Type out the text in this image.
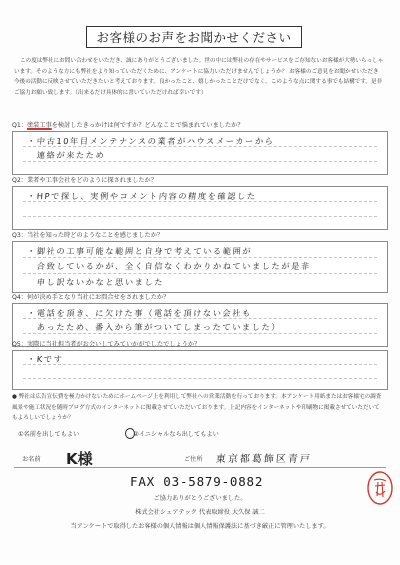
お客様のお声をお聞かせください
この度は弊社にお問い合わせをいただき、誠にありがとうございました。世の中には弊社の存在やサービスをご存知ないお客様が大勢いらっしゃいます。そのような方にも弊社をより知っていただくために、アンケートに協力いただけませんでしょうか？ お客様のご意見をお聞かせいただき今後の活動に反映させていただきたいと考えております。良かったこと、嬉しかったことだけでなく、このような点に関する事でも結構です。是非ご協力お願い致します。（出来るだけ具体的に書いていただければ幸いです）
Q1：塗装工事を検討したきっかけは何ですか？どんなことで悩まれていましたか？
・中古10年目メンテナンスの業者がハウスメーカーから
　連絡が来たため
Q2：業者や工事会社をどのように探されましたか？
・HPで探し、実例やコメント内容の精度を確認した
Q3：当社を知った時どのようなことを感じましたか？
・御社の工事可能な範囲と自身で考えている範囲が
　合致しているかが、全く自信なくわかりかねていましたが是非
　申し訳ないかなと思いました
Q4：何が決め手となり当社にお問合せをされましたか？
・電話を頂き、に欠けた事（電話を頂けない会社も
　あったため、番入から筆がついてしまったていました）
Q5：実際に当社担当者がお会いしてみていかがでしたでしょうか？
・Kです
● 弊社は広告宣伝費を極力かけないためにホームページ上を利用して弊社への営業活動を行っております。本アンケート用紙またはお客様宅の調査風景や施工状況を随時ブログ方式のインターネットに掲載させていただいております。上記内容をインターネットや印刷物に掲載させていただいてもよろしいでしょうか？
①名前を出してもよい	②イニシャルなら出してもよい
お名前 K様	ご住所 東京都葛飾区青戸
FAX 03-5879-0882
ご協力ありがとうございました。
株式会社シェアテック 代表取締役 大久保 誠二
当アンケートで取得したお客様の個人情報は個人情報保護法に基づき厳正に管理いたします。
